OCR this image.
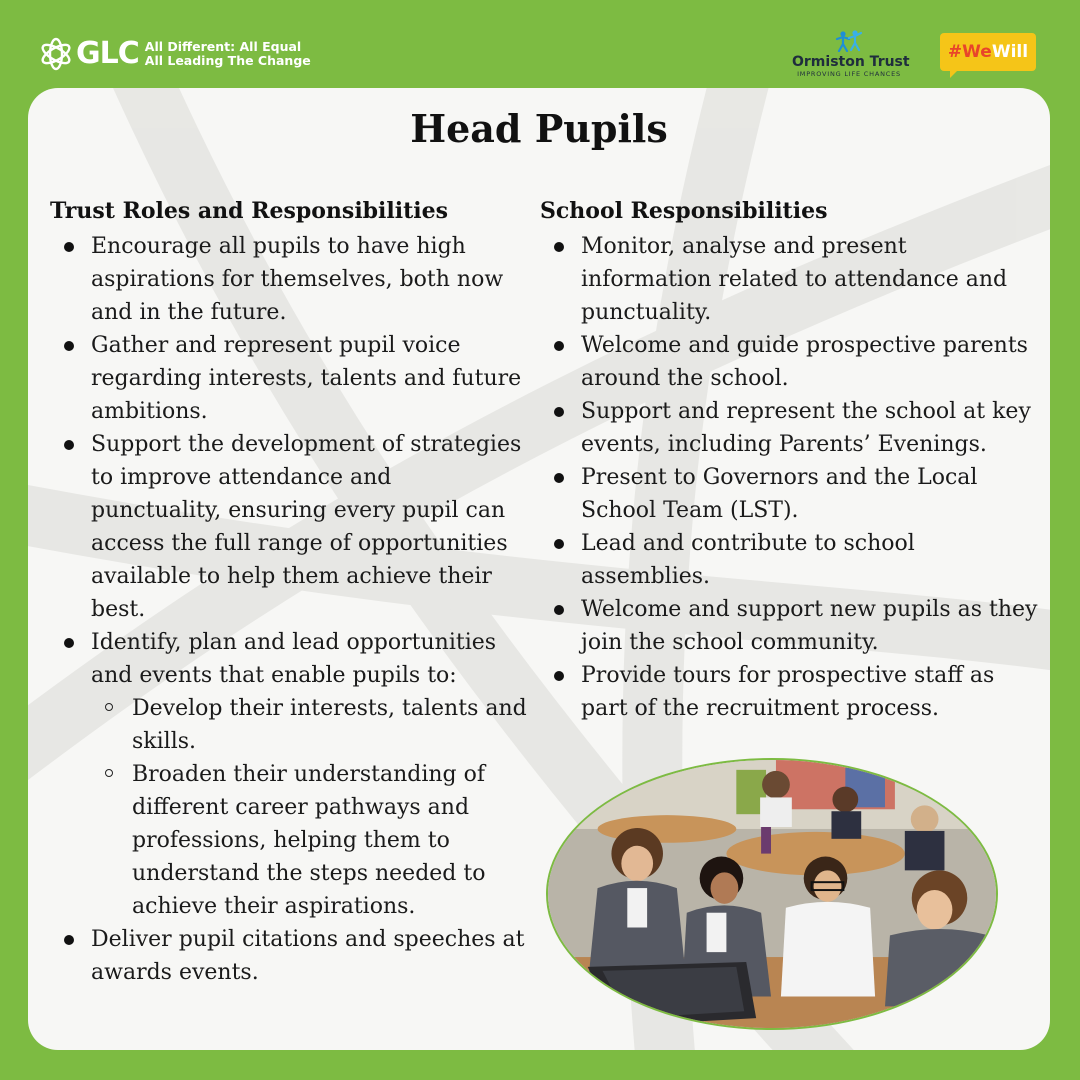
GLC All Different: All Equal
All Leading The Change	Ormiston Trust
IMPROVING LIFE CHANCES
#We Will
Head Pupils
Trust Roles and Responsibilities
Encourage all pupils to have high aspirations for themselves, both now and in the future.
Gather and represent pupil voice regarding interests, talents and future ambitions.
Support the development of strategies to improve attendance and punctuality, ensuring every pupil can access the full range of opportunities available to help them achieve their best.
Identify, plan and lead opportunities and events that enable pupils to:
Develop their interests, talents and skills.
Broaden their understanding of different career pathways and professions, helping them to understand the steps needed to achieve their aspirations.
Deliver pupil citations and speeches at awards events.
School Responsibilities
Monitor, analyse and present information related to attendance and punctuality.
Welcome and guide prospective parents around the school.
Support and represent the school at key events, including Parents’ Evenings.
Present to Governors and the Local School Team (LST).
Lead and contribute to school assemblies.
Welcome and support new pupils as they join the school community.
Provide tours for prospective staff as part of the recruitment process.
